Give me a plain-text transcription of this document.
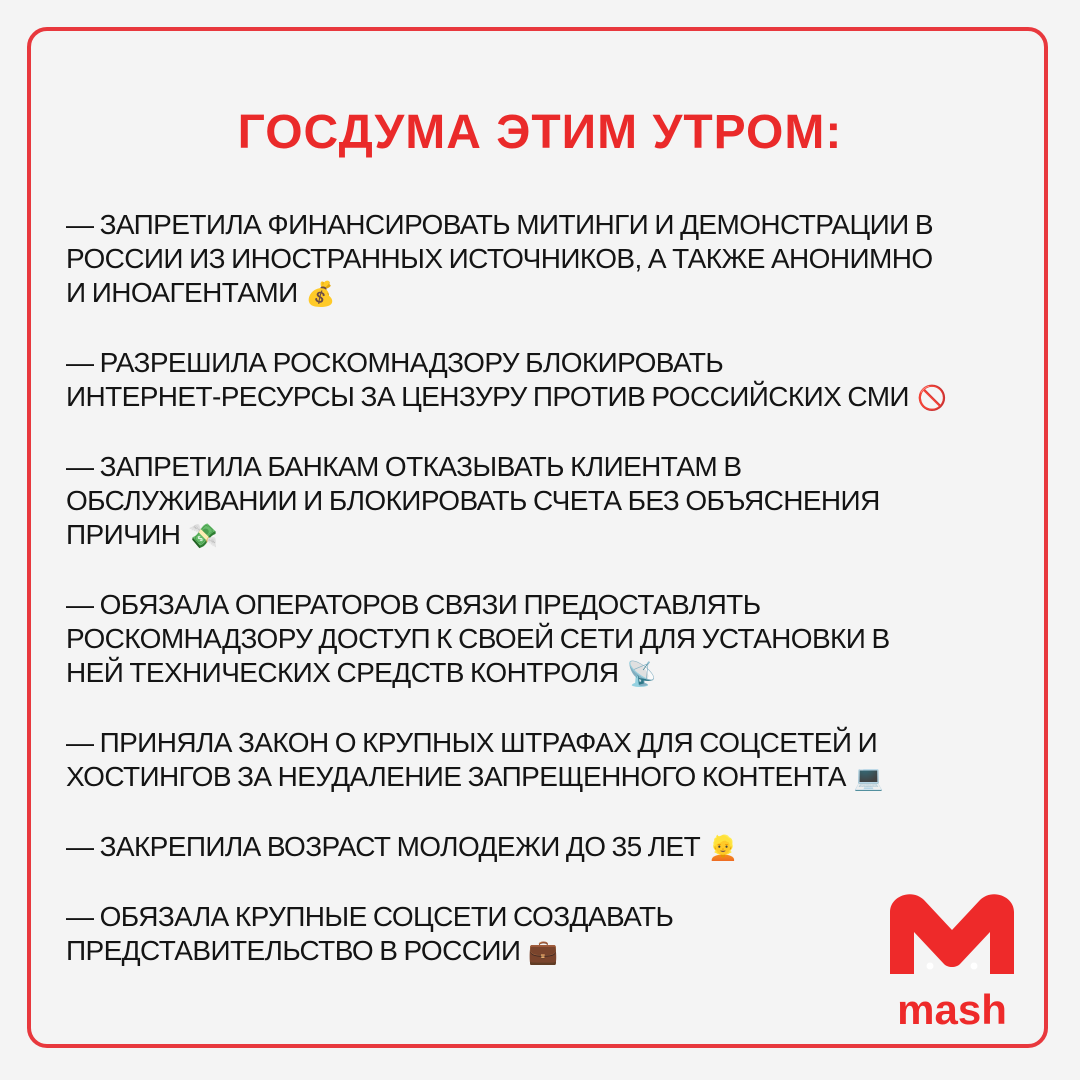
ГОСДУМА ЭТИМ УТРОМ:
— ЗАПРЕТИЛА ФИНАНСИРОВАТЬ МИТИНГИ И ДЕМОНСТРАЦИИ В
РОССИИ ИЗ ИНОСТРАННЫХ ИСТОЧНИКОВ, А ТАКЖЕ АНОНИМНО
И ИНОАГЕНТАМИ 💰
— РАЗРЕШИЛА РОСКОМНАДЗОРУ БЛОКИРОВАТЬ
ИНТЕРНЕТ-РЕСУРСЫ ЗА ЦЕНЗУРУ ПРОТИВ РОССИЙСКИХ СМИ 🚫
— ЗАПРЕТИЛА БАНКАМ ОТКАЗЫВАТЬ КЛИЕНТАМ В
ОБСЛУЖИВАНИИ И БЛОКИРОВАТЬ СЧЕТА БЕЗ ОБЪЯСНЕНИЯ
ПРИЧИН 💸
— ОБЯЗАЛА ОПЕРАТОРОВ СВЯЗИ ПРЕДОСТАВЛЯТЬ
РОСКОМНАДЗОРУ ДОСТУП К СВОЕЙ СЕТИ ДЛЯ УСТАНОВКИ В
НЕЙ ТЕХНИЧЕСКИХ СРЕДСТВ КОНТРОЛЯ 📡
— ПРИНЯЛА ЗАКОН О КРУПНЫХ ШТРАФАХ ДЛЯ СОЦСЕТЕЙ И
ХОСТИНГОВ ЗА НЕУДАЛЕНИЕ ЗАПРЕЩЕННОГО КОНТЕНТА 💻
— ЗАКРЕПИЛА ВОЗРАСТ МОЛОДЕЖИ ДО 35 ЛЕТ 👱
— ОБЯЗАЛА КРУПНЫЕ СОЦСЕТИ СОЗДАВАТЬ
ПРЕДСТАВИТЕЛЬСТВО В РОССИИ 💼
mash
